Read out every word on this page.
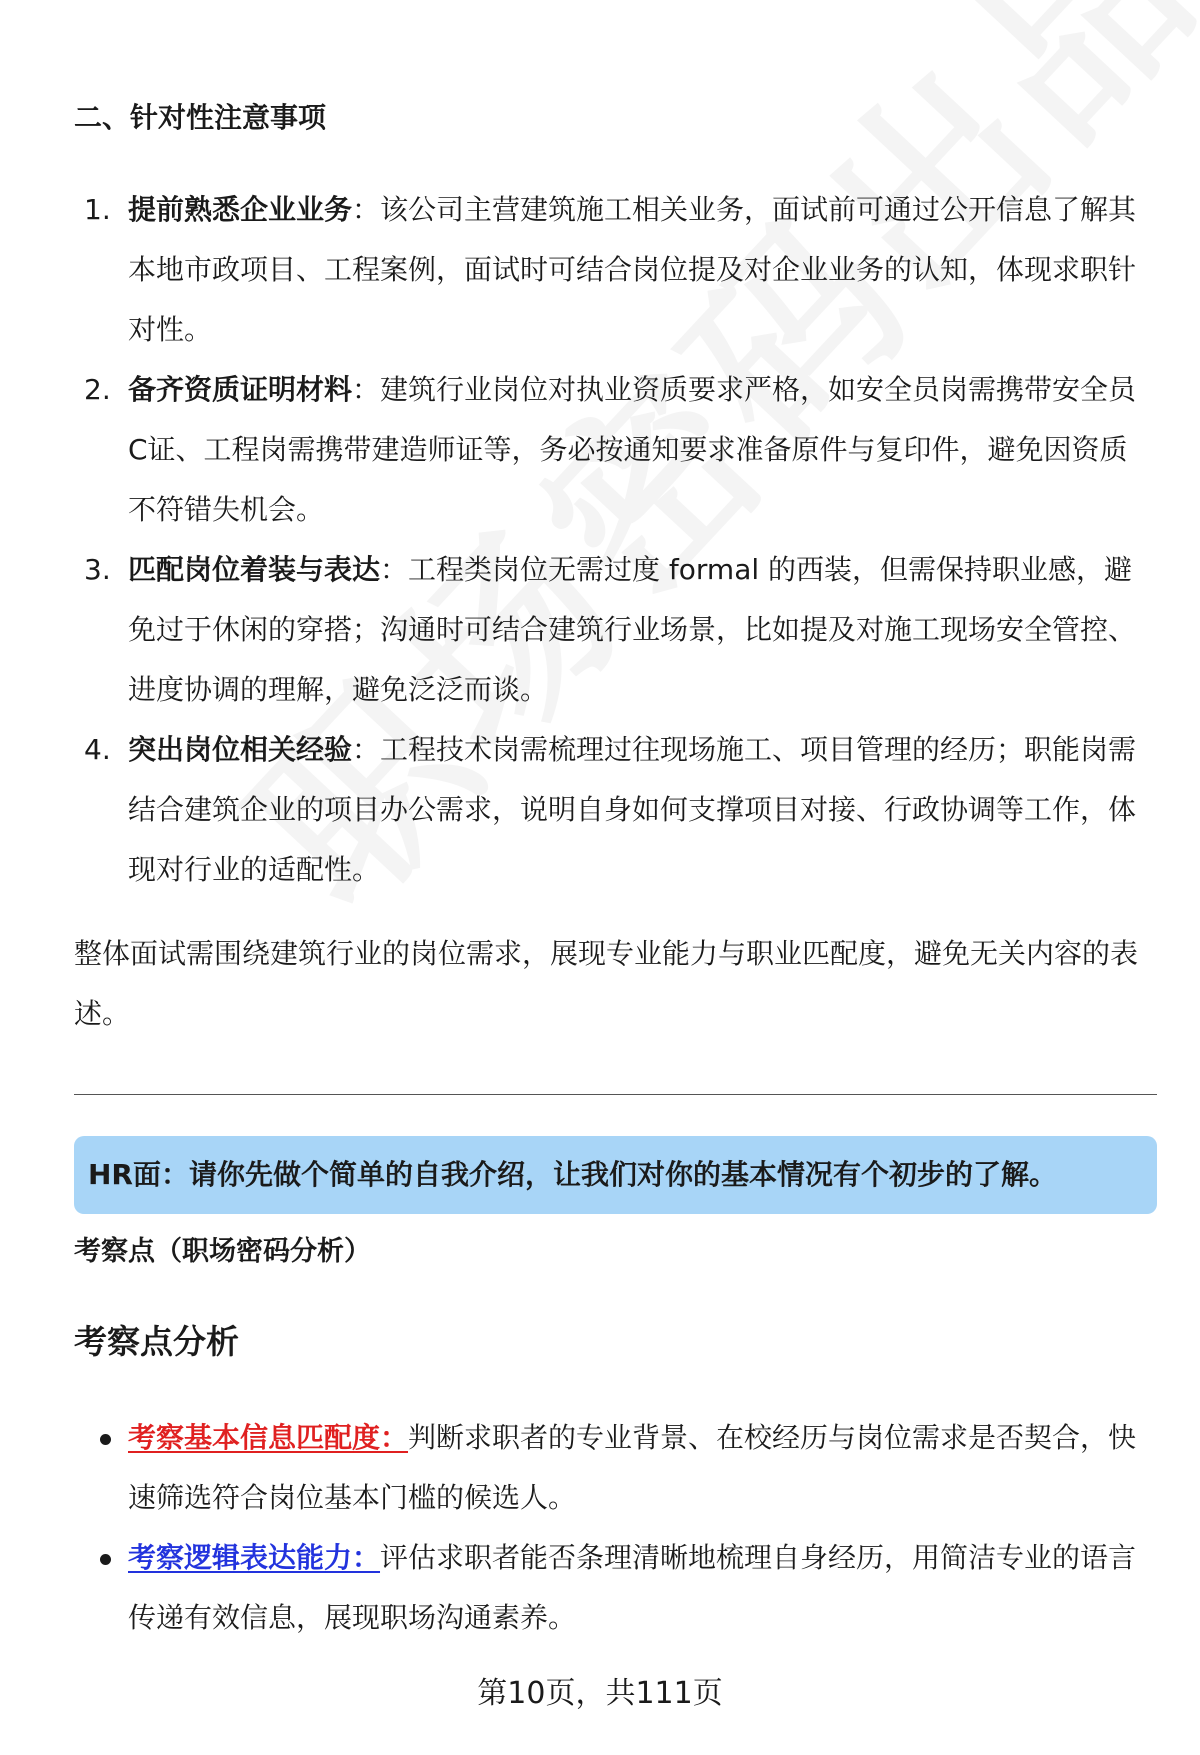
二、针对性注意事项
1. 提前熟悉企业业务：该公司主营建筑施工相关业务，面试前可通过公开信息了解其本地市政项目、工程案例，面试时可结合岗位提及对企业业务的认知，体现求职针对性。
2. 备齐资质证明材料：建筑行业岗位对执业资质要求严格，如安全员岗需携带安全员C证、工程岗需携带建造师证等，务必按通知要求准备原件与复印件，避免因资质不符错失机会。
3. 匹配岗位着装与表达：工程类岗位无需过度 formal 的西装，但需保持职业感，避免过于休闲的穿搭；沟通时可结合建筑行业场景，比如提及对施工现场安全管控、进度协调的理解，避免泛泛而谈。
4. 突出岗位相关经验：工程技术岗需梳理过往现场施工、项目管理的经历；职能岗需结合建筑企业的项目办公需求，说明自身如何支撑项目对接、行政协调等工作，体现对行业的适配性。
整体面试需围绕建筑行业的岗位需求，展现专业能力与职业匹配度，避免无关内容的表述。
HR面：请你先做个简单的自我介绍，让我们对你的基本情况有个初步的了解。
考察点（职场密码分析）
考察点分析
考察基本信息匹配度：判断求职者的专业背景、在校经历与岗位需求是否契合，快速筛选符合岗位基本门槛的候选人。
考察逻辑表达能力：评估求职者能否条理清晰地梳理自身经历，用简洁专业的语言传递有效信息，展现职场沟通素养。
第10页，共111页
